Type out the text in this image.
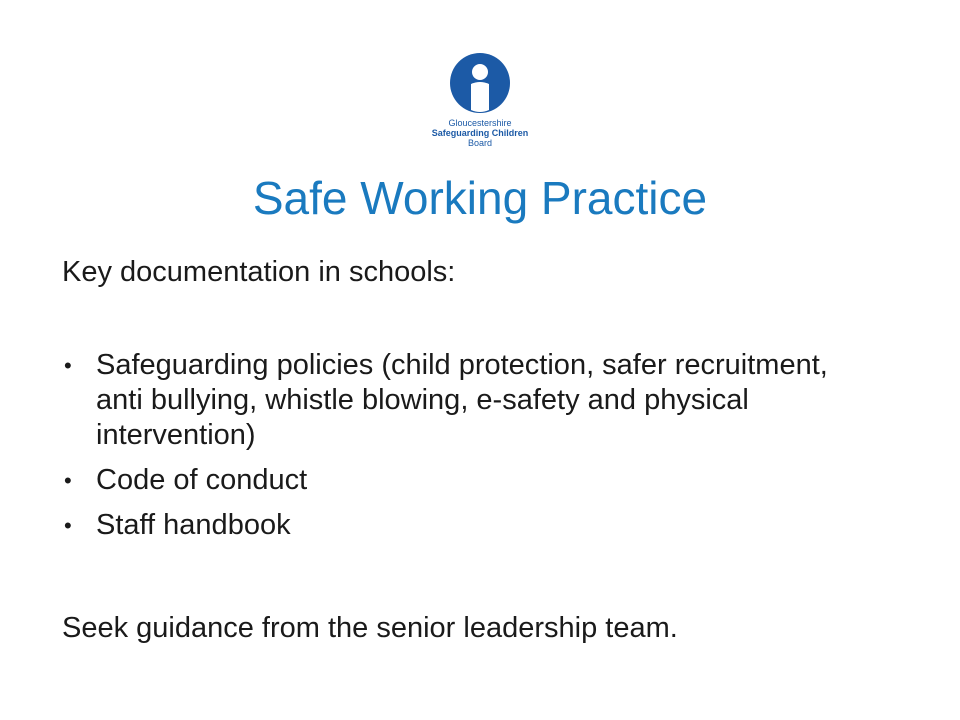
Gloucestershire
Safeguarding Children
Board
Safe Working Practice

Key documentation in schools:

• Safeguarding policies (child protection, safer recruitment, anti bullying, whistle blowing, e-safety and physical intervention)
• Code of conduct
• Staff handbook

Seek guidance from the senior leadership team.
